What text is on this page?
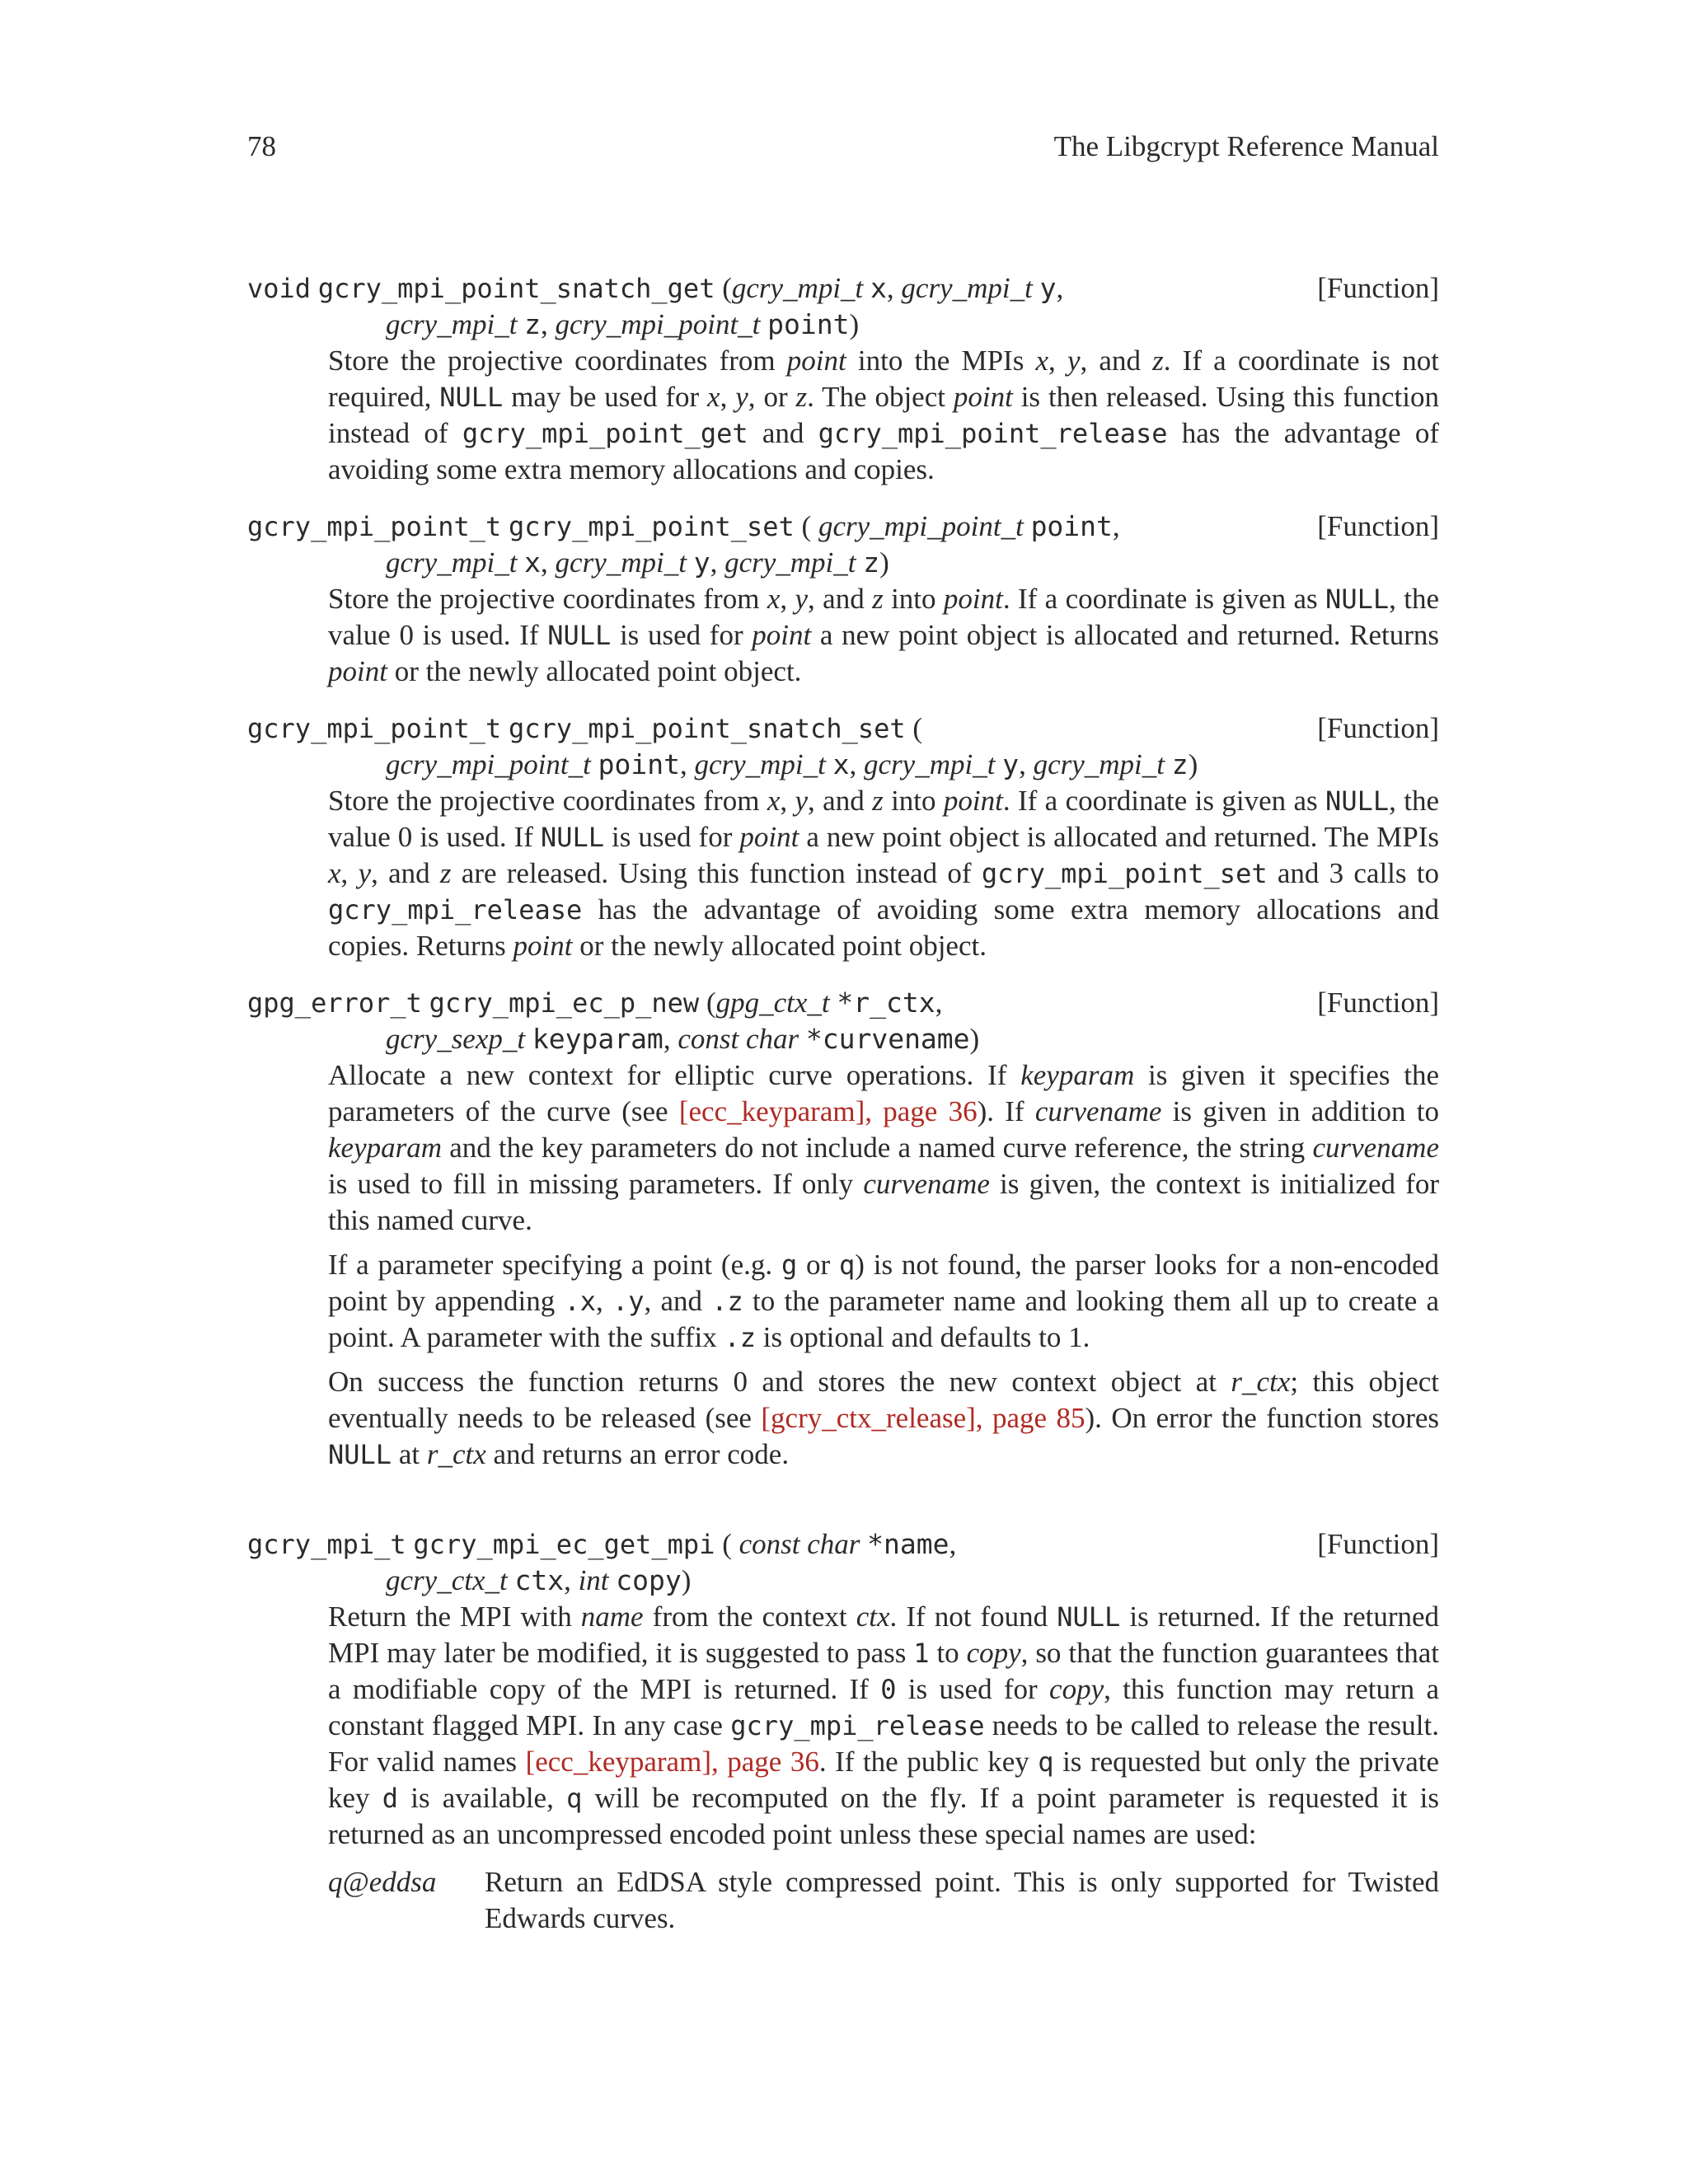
78	The Libgcrypt Reference Manual
void gcry_mpi_point_snatch_get (gcry_mpi_t x, gcry_mpi_t y,	[Function]
gcry_mpi_t z, gcry_mpi_point_t point)

Store the projective coordinates from point into the MPIs x, y, and z. If a coordinate is not required, NULL may be used for x, y, or z. The object point is then released. Using this function instead of gcry_mpi_point_get and gcry_mpi_point_release has the advantage of avoiding some extra memory allocations and copies.

gcry_mpi_point_t gcry_mpi_point_set ( gcry_mpi_point_t point,	[Function]
gcry_mpi_t x, gcry_mpi_t y, gcry_mpi_t z)

Store the projective coordinates from x, y, and z into point. If a coordinate is given as NULL, the value 0 is used. If NULL is used for point a new point object is allocated and returned. Returns point or the newly allocated point object.

gcry_mpi_point_t gcry_mpi_point_snatch_set (	[Function]
gcry_mpi_point_t point, gcry_mpi_t x, gcry_mpi_t y, gcry_mpi_t z)

Store the projective coordinates from x, y, and z into point. If a coordinate is given as NULL, the value 0 is used. If NULL is used for point a new point object is allocated and returned. The MPIs x, y, and z are released. Using this function instead of gcry_mpi_point_set and 3 calls to gcry_mpi_release has the advantage of avoiding some extra memory allocations and copies. Returns point or the newly allocated point object.

gpg_error_t gcry_mpi_ec_p_new (gpg_ctx_t *r_ctx,	[Function]
gcry_sexp_t keyparam, const char *curvename)

Allocate a new context for elliptic curve operations. If keyparam is given it specifies the parameters of the curve (see [ecc_keyparam], page 36). If curvename is given in addition to keyparam and the key parameters do not include a named curve reference, the string curvename is used to fill in missing parameters. If only curvename is given, the context is initialized for this named curve.

If a parameter specifying a point (e.g. g or q) is not found, the parser looks for a non-encoded point by appending .x, .y, and .z to the parameter name and looking them all up to create a point. A parameter with the suffix .z is optional and defaults to 1.

On success the function returns 0 and stores the new context object at r_ctx; this object eventually needs to be released (see [gcry_ctx_release], page 85). On error the function stores NULL at r_ctx and returns an error code.

gcry_mpi_t gcry_mpi_ec_get_mpi ( const char *name,	[Function]
gcry_ctx_t ctx, int copy)

Return the MPI with name from the context ctx. If not found NULL is returned. If the returned MPI may later be modified, it is suggested to pass 1 to copy, so that the function guarantees that a modifiable copy of the MPI is returned. If 0 is used for copy, this function may return a constant flagged MPI. In any case gcry_mpi_release needs to be called to release the result. For valid names [ecc_keyparam], page 36. If the public key q is requested but only the private key d is available, q will be recomputed on the fly. If a point parameter is requested it is returned as an uncompressed encoded point unless these special names are used:

q@eddsa	Return an EdDSA style compressed point. This is only supported for Twisted Edwards curves.
